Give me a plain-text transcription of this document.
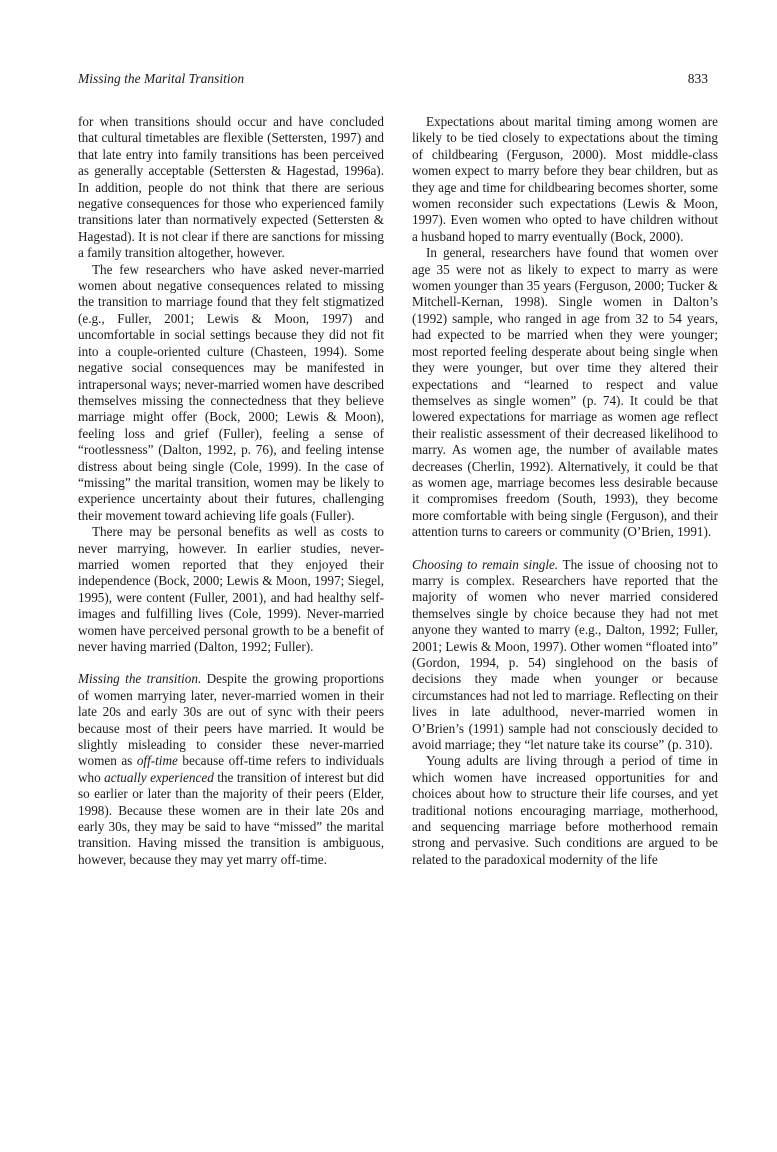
Missing the Marital Transition	833

for when transitions should occur and have concluded that cultural timetables are flexible (Settersten, 1997) and that late entry into family transitions has been perceived as generally acceptable (Settersten & Hagestad, 1996a). In addition, people do not think that there are serious negative consequences for those who experienced family transitions later than normatively expected (Settersten & Hagestad). It is not clear if there are sanctions for missing a family transition altogether, however.

The few researchers who have asked never-married women about negative consequences related to missing the transition to marriage found that they felt stigmatized (e.g., Fuller, 2001; Lewis & Moon, 1997) and uncomfortable in social settings because they did not fit into a couple-oriented culture (Chasteen, 1994). Some negative social consequences may be manifested in intrapersonal ways; never-married women have described themselves missing the connectedness that they believe marriage might offer (Bock, 2000; Lewis & Moon), feeling loss and grief (Fuller), feeling a sense of “rootlessness” (Dalton, 1992, p. 76), and feeling intense distress about being single (Cole, 1999). In the case of “missing” the marital transition, women may be likely to experience uncertainty about their futures, challenging their movement toward achieving life goals (Fuller).

There may be personal benefits as well as costs to never marrying, however. In earlier studies, never-married women reported that they enjoyed their independence (Bock, 2000; Lewis & Moon, 1997; Siegel, 1995), were content (Fuller, 2001), and had healthy self-images and fulfilling lives (Cole, 1999). Never-married women have perceived personal growth to be a benefit of never having married (Dalton, 1992; Fuller).

Missing the transition. Despite the growing proportions of women marrying later, never-married women in their late 20s and early 30s are out of sync with their peers because most of their peers have married. It would be slightly misleading to consider these never-married women as off-time because off-time refers to individuals who actually experienced the transition of interest but did so earlier or later than the majority of their peers (Elder, 1998). Because these women are in their late 20s and early 30s, they may be said to have “missed” the marital transition. Having missed the transition is ambiguous, however, because they may yet marry off-time.

Expectations about marital timing among women are likely to be tied closely to expectations about the timing of childbearing (Ferguson, 2000). Most middle-class women expect to marry before they bear children, but as they age and time for childbearing becomes shorter, some women reconsider such expectations (Lewis & Moon, 1997). Even women who opted to have children without a husband hoped to marry eventually (Bock, 2000).

In general, researchers have found that women over age 35 were not as likely to expect to marry as were women younger than 35 years (Ferguson, 2000; Tucker & Mitchell-Kernan, 1998). Single women in Dalton’s (1992) sample, who ranged in age from 32 to 54 years, had expected to be married when they were younger; most reported feeling desperate about being single when they were younger, but over time they altered their expectations and “learned to respect and value themselves as single women” (p. 74). It could be that lowered expectations for marriage as women age reflect their realistic assessment of their decreased likelihood to marry. As women age, the number of available mates decreases (Cherlin, 1992). Alternatively, it could be that as women age, marriage becomes less desirable because it compromises freedom (South, 1993), they become more comfortable with being single (Ferguson), and their attention turns to careers or community (O’Brien, 1991).

Choosing to remain single. The issue of choosing not to marry is complex. Researchers have reported that the majority of women who never married considered themselves single by choice because they had not met anyone they wanted to marry (e.g., Dalton, 1992; Fuller, 2001; Lewis & Moon, 1997). Other women “floated into” (Gordon, 1994, p. 54) singlehood on the basis of decisions they made when younger or because circumstances had not led to marriage. Reflecting on their lives in late adulthood, never-married women in O’Brien’s (1991) sample had not consciously decided to avoid marriage; they “let nature take its course” (p. 310).

Young adults are living through a period of time in which women have increased opportunities for and choices about how to structure their life courses, and yet traditional notions encouraging marriage, motherhood, and sequencing marriage before motherhood remain strong and pervasive. Such conditions are argued to be related to the paradoxical modernity of the life
